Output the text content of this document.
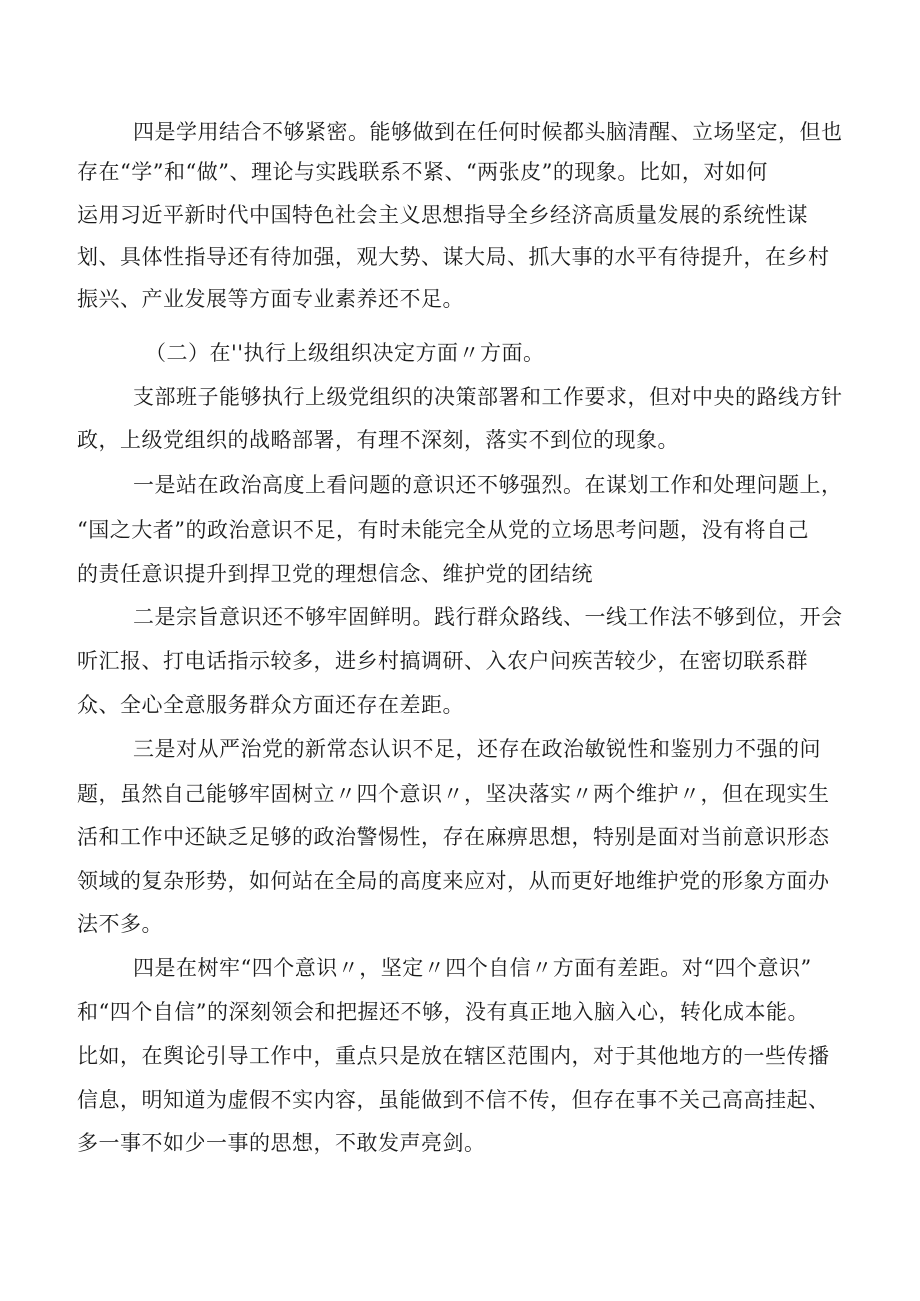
四是学用结合不够紧密。能够做到在任何时候都头脑清醒、立场坚定，但也
存在“学”和“做”、理论与实践联系不紧、“两张皮”的现象。比如，对如何
运用习近平新时代中国特色社会主义思想指导全乡经济高质量发展的系统性谋
划、具体性指导还有待加强，观大势、谋大局、抓大事的水平有待提升，在乡村
振兴、产业发展等方面专业素养还不足。
（二）在''执行上级组织决定方面〃方面。
支部班子能够执行上级党组织的决策部署和工作要求，但对中央的路线方针
政，上级党组织的战略部署，有理不深刻，落实不到位的现象。
一是站在政治高度上看问题的意识还不够强烈。在谋划工作和处理问题上，
“国之大者”的政治意识不足，有时未能完全从党的立场思考问题，没有将自己
的责任意识提升到捍卫党的理想信念、维护党的团结统
二是宗旨意识还不够牢固鲜明。践行群众路线、一线工作法不够到位，开会
听汇报、打电话指示较多，进乡村搞调研、入农户问疾苦较少，在密切联系群
众、全心全意服务群众方面还存在差距。
三是对从严治党的新常态认识不足，还存在政治敏锐性和鉴别力不强的问
题，虽然自己能够牢固树立〃四个意识〃，坚决落实〃两个维护〃，但在现实生
活和工作中还缺乏足够的政治警惕性，存在麻痹思想，特别是面对当前意识形态
领域的复杂形势，如何站在全局的高度来应对，从而更好地维护党的形象方面办
法不多。
四是在树牢“四个意识〃，坚定〃四个自信〃方面有差距。对“四个意识”
和“四个自信”的深刻领会和把握还不够，没有真正地入脑入心，转化成本能。
比如，在舆论引导工作中，重点只是放在辖区范围内，对于其他地方的一些传播
信息，明知道为虚假不实内容，虽能做到不信不传，但存在事不关己高高挂起、
多一事不如少一事的思想，不敢发声亮剑。
